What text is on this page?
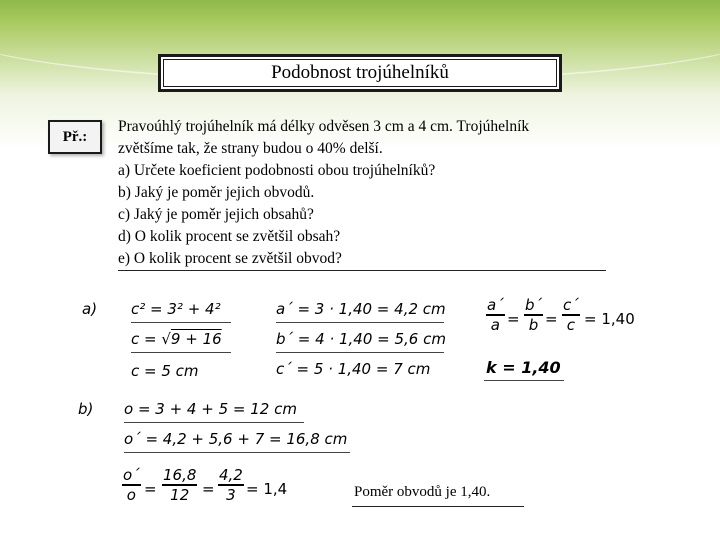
Podobnost trojúhelníků
Př.:
Pravoúhlý trojúhelník má délky odvěsen 3 cm a 4 cm. Trojúhelník
zvětšíme tak, že strany budou o 40% delší.
a) Určete koeficient podobnosti obou trojúhelníků?
b) Jaký je poměr jejich obvodů.
c) Jaký je poměr jejich obsahů?
d) O kolik procent se zvětšil obsah?
e) O kolik procent se zvětšil obvod?
a) c² = 3² + 4²
c = √9 + 16
c = 5 cm
a´ = 3 · 1,40 = 4,2 cm
b´ = 4 · 1,40 = 5,6 cm
c´ = 5 · 1,40 = 7 cm
a´
a =
b´
b =
c´
c = 1,40
k = 1,40
b) o = 3 + 4 + 5 = 12 cm
o´ = 4,2 + 5,6 + 7 = 16,8 cm
o´
o =
16,8
12 =
4,2
3 = 1,4	Poměr obvodů je 1,40.
